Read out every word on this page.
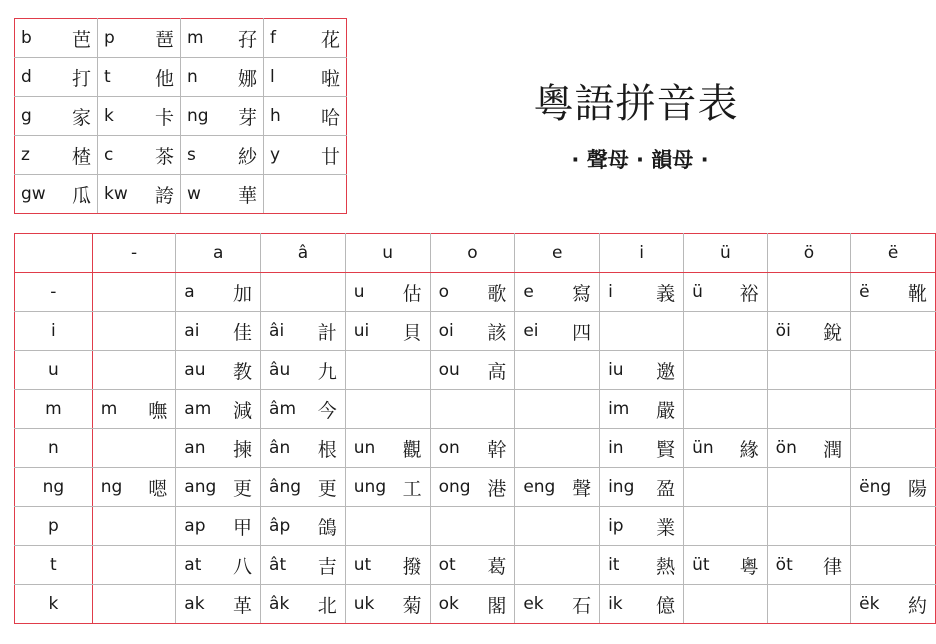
b 芭	p 琶	m 孖	f 花

d 打	t 他	n 娜	l 啦

g 家	k 卡	ng 芽	h 哈

z 楂	c 茶	s 紗	y 廿

gw 瓜	kw 誇	w 華	

粵語拼音表
· 聲母 · 韻母 ·
	-	a	â	u	o	e	i	ü	ö	ë

-		a 加		u 估	o 歌	e 寫	i 義	ü 裕		ë 靴

i		ai 佳	âi 計	ui 貝	oi 該	ei 四			öi 銳	

u		au 教	âu 九		ou 高		iu 邀			

m	m 嘸	am 減	âm 今				im 嚴			

n		an 揀	ân 根	un 觀	on 幹		in 賢	ün 緣	ön 潤	

ng	ng 嗯	ang 更	âng 更	ung 工	ong 港	eng 聲	ing 盈			ëng 陽

p		ap 甲	âp 鴿				ip 業			

t		at 八	ât 吉	ut 撥	ot 葛		it 熱	üt 粵	öt 律	

k		ak 革	âk 北	uk 菊	ok 閣	ek 石	ik 億			ëk 約
